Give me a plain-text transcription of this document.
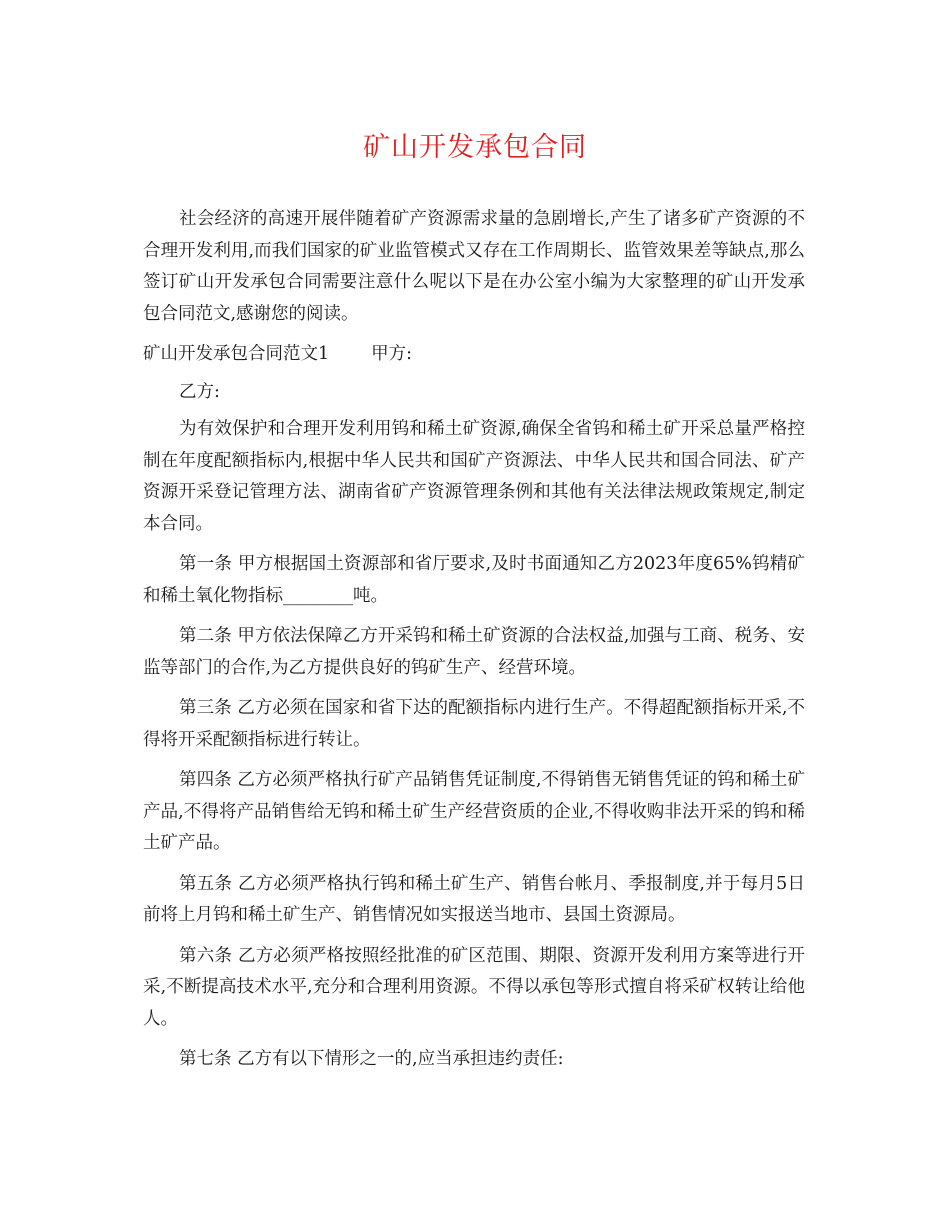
矿山开发承包合同

社会经济的高速开展伴随着矿产资源需求量的急剧增长,产生了诸多矿产资源的不合理开发利用,而我们国家的矿业监管模式又存在工作周期长、监管效果差等缺点,那么签订矿山开发承包合同需要注意什么呢以下是在办公室小编为大家整理的矿山开发承包合同范文,感谢您的阅读。

矿山开发承包合同范文1 甲方:

乙方:

为有效保护和合理开发利用钨和稀土矿资源,确保全省钨和稀土矿开采总量严格控制在年度配额指标内,根据中华人民共和国矿产资源法、中华人民共和国合同法、矿产资源开采登记管理方法、湖南省矿产资源管理条例和其他有关法律法规政策规定,制定本合同。

第一条 甲方根据国土资源部和省厅要求,及时书面通知乙方2023年度65%钨精矿和稀土氧化物指标________吨。

第二条 甲方依法保障乙方开采钨和稀土矿资源的合法权益,加强与工商、税务、安监等部门的合作,为乙方提供良好的钨矿生产、经营环境。

第三条 乙方必须在国家和省下达的配额指标内进行生产。不得超配额指标开采,不得将开采配额指标进行转让。

第四条 乙方必须严格执行矿产品销售凭证制度,不得销售无销售凭证的钨和稀土矿产品,不得将产品销售给无钨和稀土矿生产经营资质的企业,不得收购非法开采的钨和稀土矿产品。

第五条 乙方必须严格执行钨和稀土矿生产、销售台帐月、季报制度,并于每月5日前将上月钨和稀土矿生产、销售情况如实报送当地市、县国土资源局。

第六条 乙方必须严格按照经批准的矿区范围、期限、资源开发利用方案等进行开采,不断提高技术水平,充分和合理利用资源。不得以承包等形式擅自将采矿权转让给他人。

第七条 乙方有以下情形之一的,应当承担违约责任:
